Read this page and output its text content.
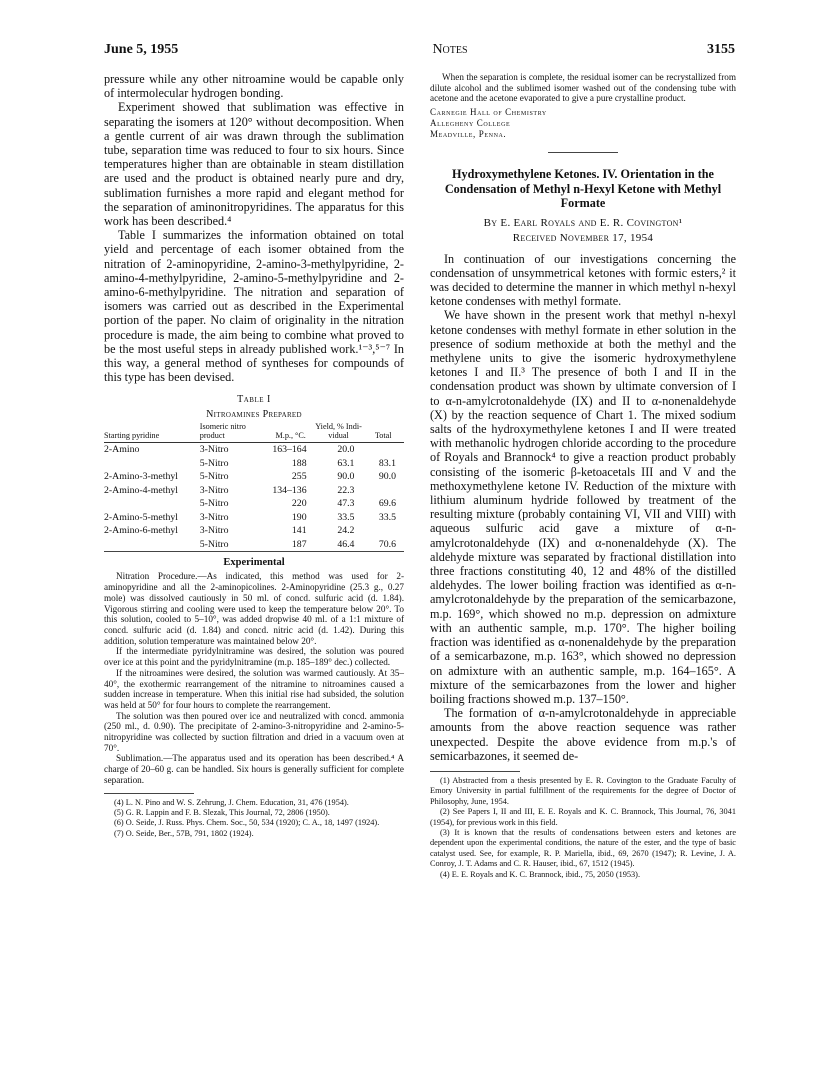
June 5, 1955	Notes	3155

pressure while any other nitroamine would be capable only of intermolecular hydrogen bonding.

Experiment showed that sublimation was effective in separating the isomers at 120° without decomposition. When a gentle current of air was drawn through the sublimation tube, separation time was reduced to four to six hours. Since temperatures higher than are obtainable in steam distillation are used and the product is obtained nearly pure and dry, sublimation furnishes a more rapid and elegant method for the separation of aminonitropyridines. The apparatus for this work has been described.⁴

Table I summarizes the information obtained on total yield and percentage of each isomer obtained from the nitration of 2-aminopyridine, 2-amino-3-methylpyridine, 2-amino-4-methylpyridine, 2-amino-5-methylpyridine and 2-amino-6-methylpyridine. The nitration and separation of isomers was carried out as described in the Experimental portion of the paper. No claim of originality in the nitration procedure is made, the aim being to combine what proved to be the most useful steps in already published work.¹⁻³,⁵⁻⁷ In this way, a general method of syntheses for compounds of this type has been devised.

Table I
Nitroamines Prepared
Starting pyridine	Isomeric nitro product	M.p., °C.	Yield, % Indi- vidual	Total
2-Amino	3-Nitro	163–164	20.0	
	5-Nitro	188	63.1	83.1
2-Amino-3-methyl	5-Nitro	255	90.0	90.0
2-Amino-4-methyl	3-Nitro	134–136	22.3	
	5-Nitro	220	47.3	69.6
2-Amino-5-methyl	3-Nitro	190	33.5	33.5
2-Amino-6-methyl	3-Nitro	141	24.2	
	5-Nitro	187	46.4	70.6
Experimental

Nitration Procedure.—As indicated, this method was used for 2-aminopyridine and all the 2-aminopicolines. 2-Aminopyridine (25.3 g., 0.27 mole) was dissolved cautiously in 50 ml. of concd. sulfuric acid (d. 1.84). Vigorous stirring and cooling were used to keep the temperature below 20°. To this solution, cooled to 5–10°, was added dropwise 40 ml. of a 1:1 mixture of concd. sulfuric acid (d. 1.84) and concd. nitric acid (d. 1.42). During this addition, solution temperature was maintained below 20°.

If the intermediate pyridylnitramine was desired, the solution was poured over ice at this point and the pyridylnitramine (m.p. 185–189° dec.) collected.

If the nitroamines were desired, the solution was warmed cautiously. At 35–40°, the exothermic rearrangement of the nitramine to nitroamines caused a sudden increase in temperature. When this initial rise had subsided, the solution was held at 50° for four hours to complete the rearrangement.

The solution was then poured over ice and neutralized with concd. ammonia (250 ml., d. 0.90). The precipitate of 2-amino-3-nitropyridine and 2-amino-5-nitropyridine was collected by suction filtration and dried in a vacuum oven at 70°.

Sublimation.—The apparatus used and its operation has been described.⁴ A charge of 20–60 g. can be handled. Six hours is generally sufficient for complete separation.

(4) L. N. Pino and W. S. Zehrung, J. Chem. Education, 31, 476 (1954).

(5) G. R. Lappin and F. B. Slezak, This Journal, 72, 2806 (1950).

(6) O. Seide, J. Russ. Phys. Chem. Soc., 50, 534 (1920); C. A., 18, 1497 (1924).

(7) O. Seide, Ber., 57B, 791, 1802 (1924).

When the separation is complete, the residual isomer can be recrystallized from dilute alcohol and the sublimed isomer washed out of the condensing tube with acetone and the acetone evaporated to give a pure crystalline product.

Carnegie Hall of Chemistry
Allegheny College
Meadville, Penna.

Hydroxymethylene Ketones. IV. Orientation in the Condensation of Methyl n-Hexyl Ketone with Methyl Formate

By E. Earl Royals and E. R. Covington¹
Received November 17, 1954

In continuation of our investigations concerning the condensation of unsymmetrical ketones with formic esters,² it was decided to determine the manner in which methyl n-hexyl ketone condenses with methyl formate.

We have shown in the present work that methyl n-hexyl ketone condenses with methyl formate in ether solution in the presence of sodium methoxide at both the methyl and the methylene units to give the isomeric hydroxymethylene ketones I and II.³ The presence of both I and II in the condensation product was shown by ultimate conversion of I to α-n-amylcrotonaldehyde (IX) and II to α-nonenaldehyde (X) by the reaction sequence of Chart 1. The mixed sodium salts of the hydroxymethylene ketones I and II were treated with methanolic hydrogen chloride according to the procedure of Royals and Brannock⁴ to give a reaction product probably consisting of the isomeric β-ketoacetals III and V and the methoxymethylene ketone IV. Reduction of the mixture with lithium aluminum hydride followed by treatment of the resulting mixture (probably containing VI, VII and VIII) with aqueous sulfuric acid gave a mixture of α-n-amylcrotonaldehyde (IX) and α-nonenaldehyde (X). The aldehyde mixture was separated by fractional distillation into three fractions constituting 40, 12 and 48% of the distilled aldehydes. The lower boiling fraction was identified as α-n-amylcrotonaldehyde by the preparation of the semicarbazone, m.p. 169°, which showed no m.p. depression on admixture with an authentic sample, m.p. 170°. The higher boiling fraction was identified as α-nonenaldehyde by the preparation of a semicarbazone, m.p. 163°, which showed no depression on admixture with an authentic sample, m.p. 164–165°. A mixture of the semicarbazones from the lower and higher boiling fractions showed m.p. 137–150°.

The formation of α-n-amylcrotonaldehyde in appreciable amounts from the above reaction sequence was rather unexpected. Despite the above evidence from m.p.'s of semicarbazones, it seemed de-

(1) Abstracted from a thesis presented by E. R. Covington to the Graduate Faculty of Emory University in partial fulfillment of the requirements for the degree of Doctor of Philosophy, June, 1954.

(2) See Papers I, II and III, E. E. Royals and K. C. Brannock, This Journal, 76, 3041 (1954), for previous work in this field.

(3) It is known that the results of condensations between esters and ketones are dependent upon the experimental conditions, the nature of the ester, and the type of basic catalyst used. See, for example, R. P. Mariella, ibid., 69, 2670 (1947); R. Levine, J. A. Conroy, J. T. Adams and C. R. Hauser, ibid., 67, 1512 (1945).

(4) E. E. Royals and K. C. Brannock, ibid., 75, 2050 (1953).
